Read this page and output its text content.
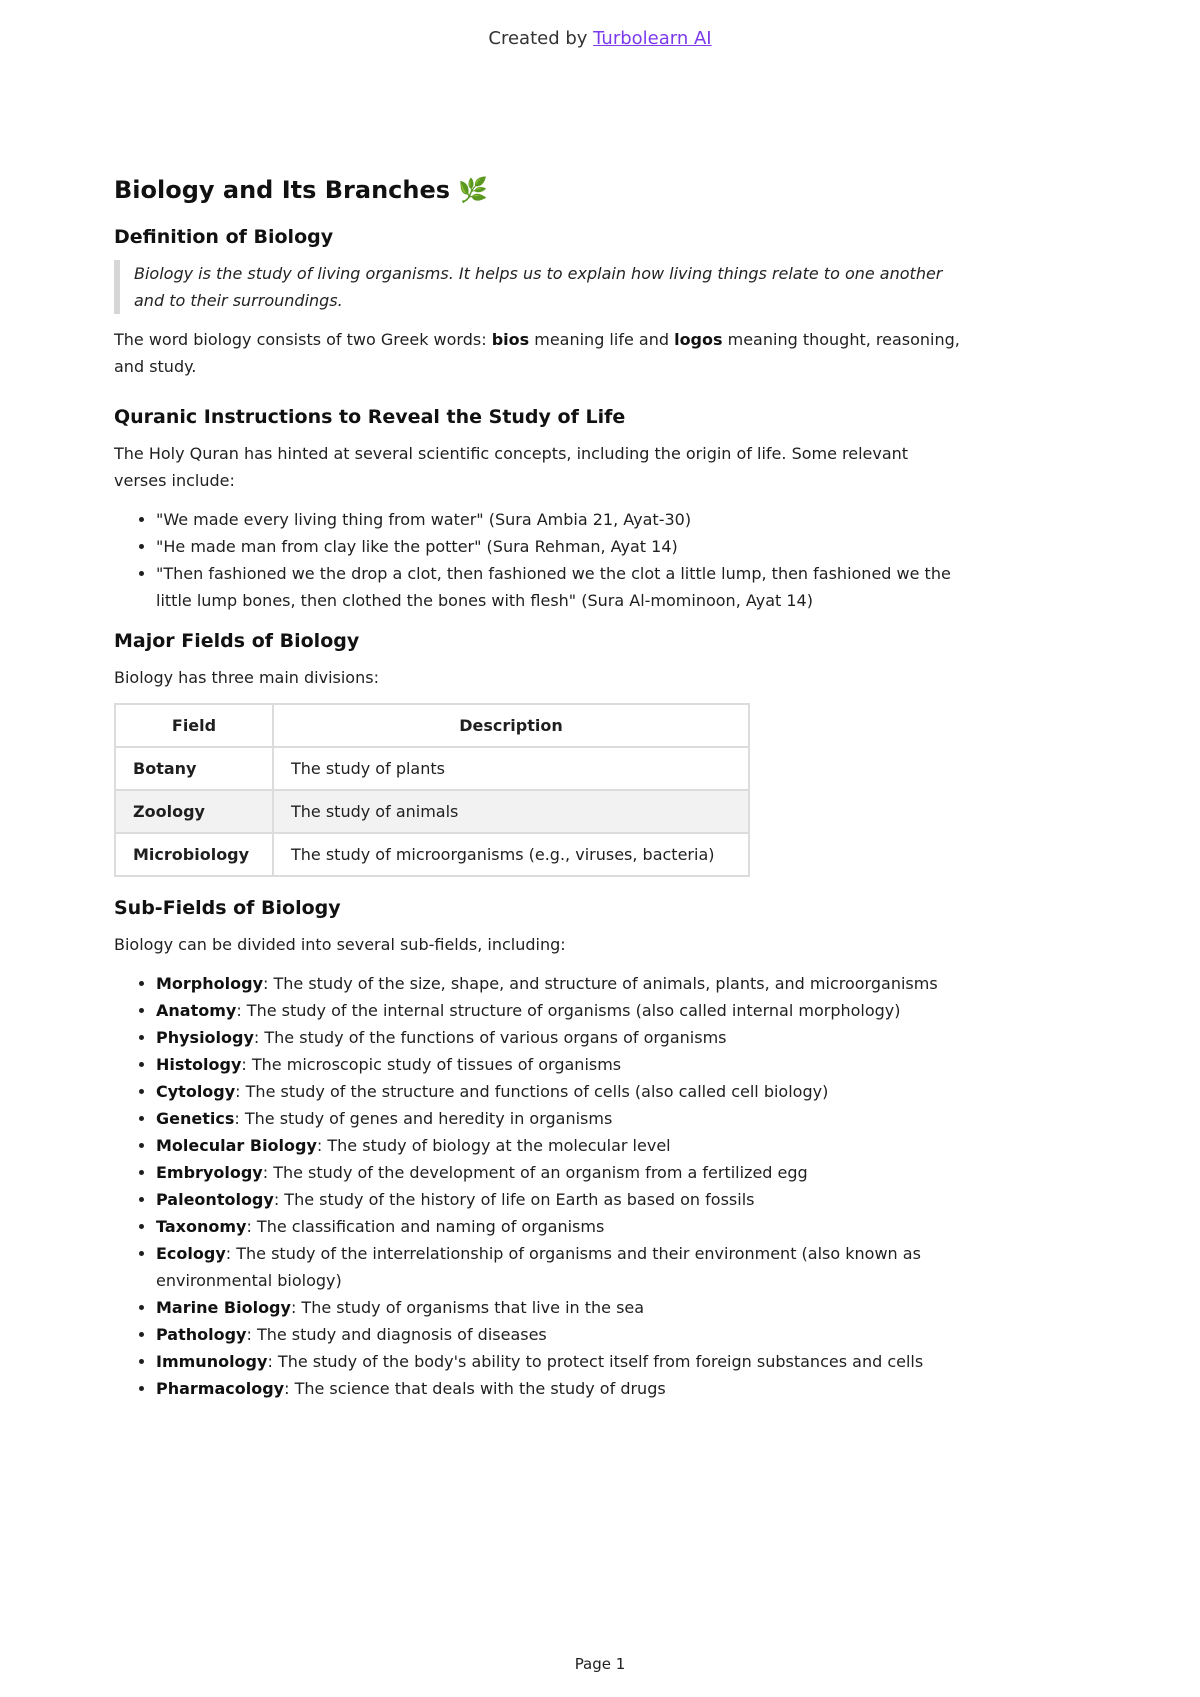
Created by Turbolearn AI
Biology and Its Branches 🌿
Definition of Biology
Biology is the study of living organisms. It helps us to explain how living things relate to one another and to their surroundings.

The word biology consists of two Greek words: bios meaning life and logos meaning thought, reasoning, and study.

Quranic Instructions to Reveal the Study of Life

The Holy Quran has hinted at several scientific concepts, including the origin of life. Some relevant verses include:

• "We made every living thing from water" (Sura Ambia 21, Ayat-30)
• "He made man from clay like the potter" (Sura Rehman, Ayat 14)
• "Then fashioned we the drop a clot, then fashioned we the clot a little lump, then fashioned we the little lump bones, then clothed the bones with flesh" (Sura Al-mominoon, Ayat 14)
Major Fields of Biology

Biology has three main divisions:

Field	Description
Botany	The study of plants
Zoology	The study of animals
Microbiology	The study of microorganisms (e.g., viruses, bacteria)
Sub-Fields of Biology

Biology can be divided into several sub-fields, including:

• Morphology: The study of the size, shape, and structure of animals, plants, and microorganisms
• Anatomy: The study of the internal structure of organisms (also called internal morphology)
• Physiology: The study of the functions of various organs of organisms
• Histology: The microscopic study of tissues of organisms
• Cytology: The study of the structure and functions of cells (also called cell biology)
• Genetics: The study of genes and heredity in organisms
• Molecular Biology: The study of biology at the molecular level
• Embryology: The study of the development of an organism from a fertilized egg
• Paleontology: The study of the history of life on Earth as based on fossils
• Taxonomy: The classification and naming of organisms
• Ecology: The study of the interrelationship of organisms and their environment (also known as environmental biology)
• Marine Biology: The study of organisms that live in the sea
• Pathology: The study and diagnosis of diseases
• Immunology: The study of the body's ability to protect itself from foreign substances and cells
• Pharmacology: The science that deals with the study of drugs
Page 1
